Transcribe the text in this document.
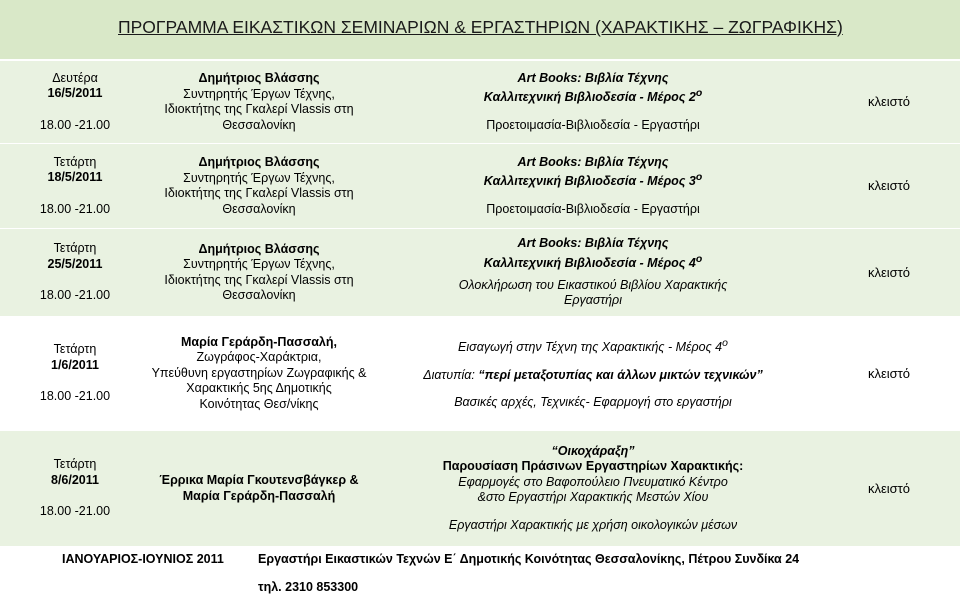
ΠΡΟΓΡΑΜΜΑ ΕΙΚΑΣΤΙΚΩΝ ΣΕΜΙΝΑΡΙΩΝ & ΕΡΓΑΣΤΗΡΙΩΝ (ΧΑΡΑΚΤΙΚΗΣ – ΖΩΓΡΑΦΙΚΗΣ)
Δευτέρα
16/5/2011
18.00 -21.00
Δημήτριος Βλάσσης
Συντηρητής Έργων Τέχνης,
Ιδιοκτήτης της Γκαλερί Vlassis στη
Θεσσαλονίκη
Art Books: Βιβλία Τέχνης
Καλλιτεχνική Βιβλιοδεσία - Μέρος $2^o$
Προετοιμασία-Βιβλιοδεσία - Εργαστήρι
κλειστό
Τετάρτη
18/5/2011
18.00 -21.00
Δημήτριος Βλάσσης
Συντηρητής Έργων Τέχνης,
Ιδιοκτήτης της Γκαλερί Vlassis στη
Θεσσαλονίκη
Art Books: Βιβλία Τέχνης
Καλλιτεχνική Βιβλιοδεσία - Μέρος $3^o$
Προετοιμασία-Βιβλιοδεσία - Εργαστήρι
κλειστό
Τετάρτη
25/5/2011
18.00 -21.00
Δημήτριος Βλάσσης
Συντηρητής Έργων Τέχνης,
Ιδιοκτήτης της Γκαλερί Vlassis στη
Θεσσαλονίκη
Art Books: Βιβλία Τέχνης
Καλλιτεχνική Βιβλιοδεσία - Μέρος $4^o$
Ολοκλήρωση του Εικαστικού Βιβλίου Χαρακτικής
Εργαστήρι
κλειστό
Τετάρτη
1/6/2011
18.00 -21.00
Μαρία Γεράρδη-Πασσαλή,
Ζωγράφος-Χαράκτρια,
Υπεύθυνη εργαστηρίων Ζωγραφικής &
Χαρακτικής 5ης Δημοτικής
Κοινότητας Θεσ/νίκης
Εισαγωγή στην Τέχνη της Χαρακτικής - Μέρος $4^o$
Διατυπία: “περί μεταξοτυπίας και άλλων μικτών τεχνικών”
Βασικές αρχές, Τεχνικές- Εφαρμογή στο εργαστήρι
κλειστό
Τετάρτη
8/6/2011
18.00 -21.00
Έρρικα Μαρία Γκουτενσβάγκερ &
Μαρία Γεράρδη-Πασσαλή
“Οικοχάραξη”
Παρουσίαση Πράσινων Εργαστηρίων Χαρακτικής:
Εφαρμογές στο Βαφοπούλειο Πνευματικό Κέντρο
&στο Εργαστήρι Χαρακτικής Μεστών Χίου
Εργαστήρι Χαρακτικής με χρήση οικολογικών μέσων
κλειστό
ΙΑΝΟΥΑΡΙΟΣ-ΙΟΥΝΙΟΣ 2011	Εργαστήρι Εικαστικών Τεχνών Ε΄ Δημοτικής Κοινότητας Θεσσαλονίκης, Πέτρου Συνδίκα 24
τηλ. 2310 853300
